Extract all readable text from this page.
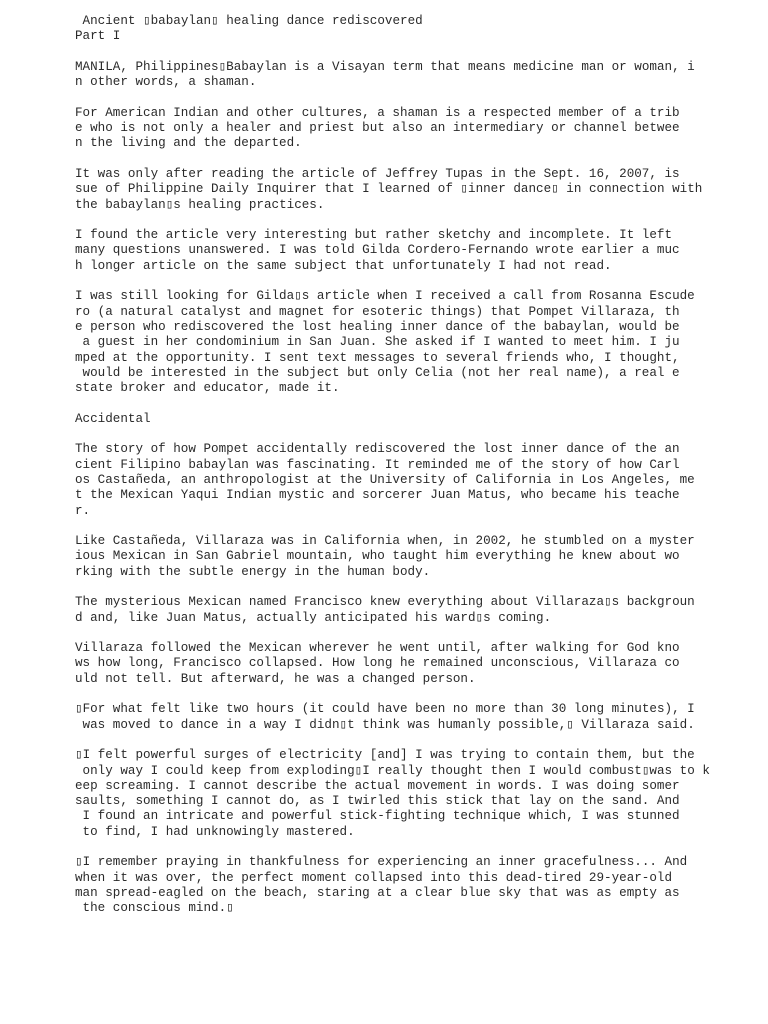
Ancient ▯babaylan▯ healing dance rediscovered
Part I
MANILA, Philippines▯Babaylan is a Visayan term that means medicine man or woman, i
n other words, a shaman.
For American Indian and other cultures, a shaman is a respected member of a trib
e who is not only a healer and priest but also an intermediary or channel betwee
n the living and the departed.
It was only after reading the article of Jeffrey Tupas in the Sept. 16, 2007, is
sue of Philippine Daily Inquirer that I learned of ▯inner dance▯ in connection with
the babaylan▯s healing practices.
I found the article very interesting but rather sketchy and incomplete. It left
many questions unanswered. I was told Gilda Cordero-Fernando wrote earlier a muc
h longer article on the same subject that unfortunately I had not read.
I was still looking for Gilda▯s article when I received a call from Rosanna Escude
ro (a natural catalyst and magnet for esoteric things) that Pompet Villaraza, th
e person who rediscovered the lost healing inner dance of the babaylan, would be
a guest in her condominium in San Juan. She asked if I wanted to meet him. I ju
mped at the opportunity. I sent text messages to several friends who, I thought,
would be interested in the subject but only Celia (not her real name), a real e
state broker and educator, made it.
Accidental
The story of how Pompet accidentally rediscovered the lost inner dance of the an
cient Filipino babaylan was fascinating. It reminded me of the story of how Carl
os Castañeda, an anthropologist at the University of California in Los Angeles, me
t the Mexican Yaqui Indian mystic and sorcerer Juan Matus, who became his teache
r.
Like Castañeda, Villaraza was in California when, in 2002, he stumbled on a myster
ious Mexican in San Gabriel mountain, who taught him everything he knew about wo
rking with the subtle energy in the human body.
The mysterious Mexican named Francisco knew everything about Villaraza▯s backgroun
d and, like Juan Matus, actually anticipated his ward▯s coming.
Villaraza followed the Mexican wherever he went until, after walking for God kno
ws how long, Francisco collapsed. How long he remained unconscious, Villaraza co
uld not tell. But afterward, he was a changed person.
▯For what felt like two hours (it could have been no more than 30 long minutes), I
was moved to dance in a way I didn▯t think was humanly possible,▯ Villaraza said.
▯I felt powerful surges of electricity [and] I was trying to contain them, but the
only way I could keep from exploding▯I really thought then I would combust▯was to k
eep screaming. I cannot describe the actual movement in words. I was doing somer
saults, something I cannot do, as I twirled this stick that lay on the sand. And
I found an intricate and powerful stick-fighting technique which, I was stunned
to find, I had unknowingly mastered.
▯I remember praying in thankfulness for experiencing an inner gracefulness... And
when it was over, the perfect moment collapsed into this dead-tired 29-year-old
man spread-eagled on the beach, staring at a clear blue sky that was as empty as
the conscious mind.▯
